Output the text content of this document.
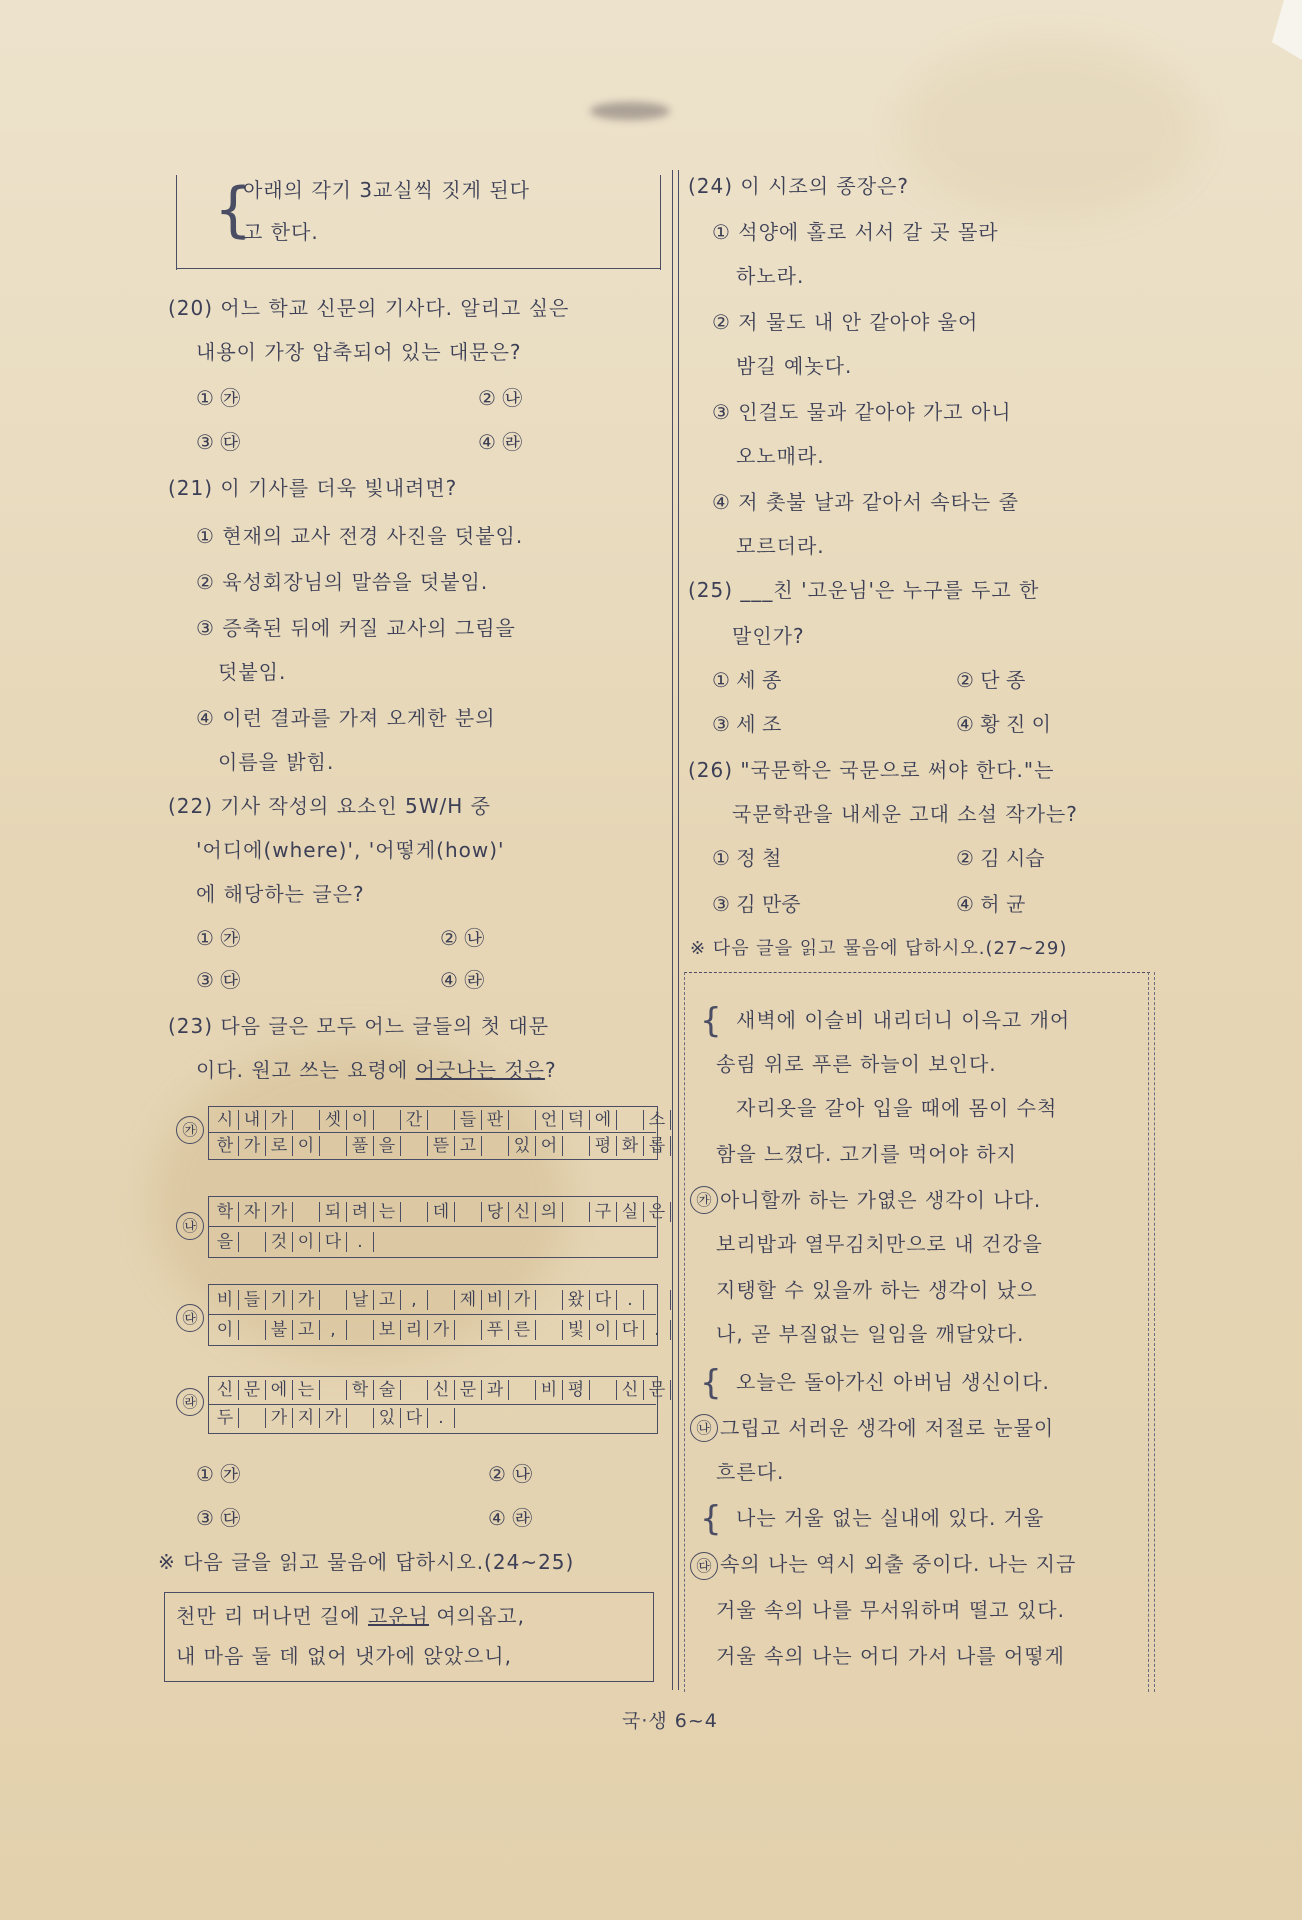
{
아래의 각기 3교실씩 짓게 된다
고 한다.
(20) 어느 학교 신문의 기사다. 알리고 싶은
내용이 가장 압축되어 있는 대문은?
① ㉮	② ㉯
③ ㉰	④ ㉱
(21) 이 기사를 더욱 빛내려면?
① 현재의 교사 전경 사진을 덧붙임.
② 육성회장님의 말씀을 덧붙임.
③ 증축된 뒤에 커질 교사의 그림을
덧붙임.
④ 이런 결과를 가져 오게한 분의
이름을 밝힘.
(22) 기사 작성의 요소인 5W/H 중
'어디에(where)', '어떻게(how)'
에 해당하는 글은?
① ㉮	② ㉯
③ ㉰	④ ㉱
(23) 다음 글은 모두 어느 글들의 첫 대문
이다. 원고 쓰는 요령에 어긋나는 것은?
㉮	시 내 가	셋 이	간	들 판	언 덕 에	소
한 가 로 이	풀 을	뜯 고	있 어	평 화 롭
㉯
학 자 가	되 려 는	데	당 신 의	구 실 은
을	것 이 다 .
㉰
비 들 기 가	날 고 ,	제 비 가	왔 다 .
이	불 고 ,	보 리 가	푸 른	빛 이 다 .
㉱
신 문 에 는	학 술	신 문 과	비 평	신 문
두	가 지 가	있 다 .
① ㉮	② ㉯
③ ㉰	④ ㉱
※ 다음 글을 읽고 물음에 답하시오.(24~25)
천만 리 머나먼 길에 고운님 여의옵고,
내 마음 둘 데 없어 냇가에 앉았으니,
(24) 이 시조의 종장은?
① 석양에 홀로 서서 갈 곳 몰라
하노라.
② 저 물도 내 안 같아야 울어
밤길 예놋다.
③ 인걸도 물과 같아야 가고 아니
오노매라.
④ 저 촛불 날과 같아서 속타는 줄
모르더라.
(25) ___친 '고운님'은 누구를 두고 한
말인가?
① 세 종	② 단 종
③ 세 조	④ 황 진 이
(26) "국문학은 국문으로 써야 한다."는
국문학관을 내세운 고대 소설 작가는?
① 정 철	② 김 시습
③ 김 만중	④ 허 균
※ 다음 글을 읽고 물음에 답하시오.(27~29)
{ 새벽에 이슬비 내리더니 이윽고 개어
송림 위로 푸른 하늘이 보인다.
자리옷을 갈아 입을 때에 몸이 수척
함을 느꼈다. 고기를 먹어야 하지
㉮ 아니할까 하는 가엾은 생각이 나다.
보리밥과 열무김치만으로 내 건강을
지탱할 수 있을까 하는 생각이 났으
나, 곧 부질없는 일임을 깨달았다.
{ 오늘은 돌아가신 아버님 생신이다.
㉯ 그립고 서러운 생각에 저절로 눈물이
흐른다.
{ 나는 거울 없는 실내에 있다. 거울
㉰ 속의 나는 역시 외출 중이다. 나는 지금
거울 속의 나를 무서워하며 떨고 있다.
거울 속의 나는 어디 가서 나를 어떻게
국·생 6~4
